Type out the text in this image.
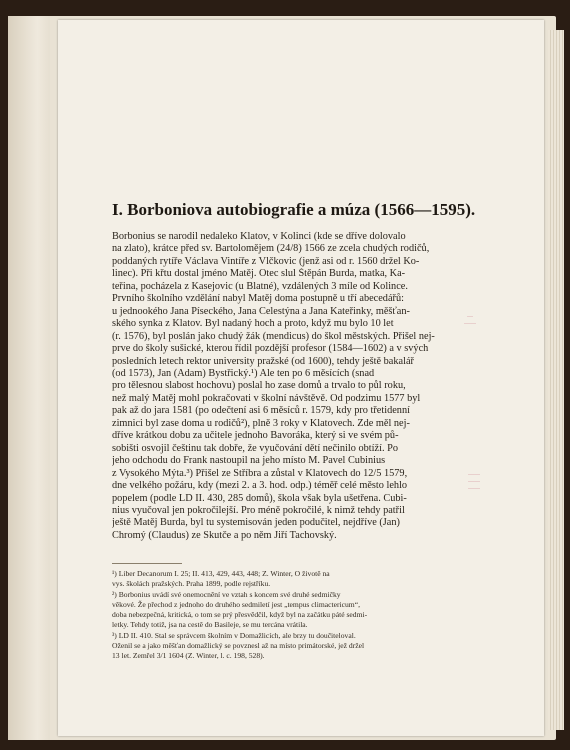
I. Borboniova autobiografie a múza (1566—1595).
Borbonius se narodil nedaleko Klatov, v Kolinci (kde se dříve dolovalo
na zlato), krátce před sv. Bartolomějem (24/8) 1566 ze zcela chudých rodičů,
poddaných rytíře Václava Vintíře z Vlčkovic (jenž asi od r. 1560 držel Ko-
linec). Při křtu dostal jméno Matěj. Otec slul Štěpán Burda, matka, Ka-
teřina, pocházela z Kasejovic (u Blatné), vzdálených 3 míle od Kolince.
Prvního školního vzdělání nabyl Matěj doma postupně u tří abecedářů:
u jednookého Jana Píseckého, Jana Celestýna a Jana Kateřinky, měšťan-
ského synka z Klatov. Byl nadaný hoch a proto, když mu bylo 10 let
(r. 1576), byl poslán jako chudý žák (mendicus) do škol městských. Přišel nej-
prve do školy sušické, kterou řídil pozdější profesor (1584—1602) a v svých
posledních letech rektor university pražské (od 1600), tehdy ještě bakalář
(od 1573), Jan (Adam) Bystřický.¹) Ale ten po 6 měsících (snad
pro tělesnou slabost hochovu) poslal ho zase domů a trvalo to půl roku,
než malý Matěj mohl pokračovati v školní návštěvě. Od podzimu 1577 byl
pak až do jara 1581 (po odečtení asi 6 měsíců r. 1579, kdy pro třetidenní
zimnici byl zase doma u rodičů²), plně 3 roky v Klatovech. Zde měl nej-
dříve krátkou dobu za učitele jednoho Bavoráka, který si ve svém pů-
sobišti osvojil češtinu tak dobře, že vyučování dětí nečinilo obtíží. Po
jeho odchodu do Frank nastoupil na jeho místo M. Pavel Cubinius
z Vysokého Mýta.³) Přišel ze Stříbra a zůstal v Klatovech do 12/5 1579,
dne velkého požáru, kdy (mezi 2. a 3. hod. odp.) téměř celé město lehlo
popelem (podle LD II. 430, 285 domů), škola však byla ušetřena. Cubi-
nius vyučoval jen pokročilejší. Pro méně pokročilé, k nimž tehdy patřil
ještě Matěj Burda, byl tu systemisován jeden podučitel, nejdříve (Jan)
Chromý (Claudus) ze Skutče a po něm Jiří Tachovský.
¹) Liber Decanorum I. 25; II. 413, 429, 443, 448; Z. Winter, O životě na
vys. školách pražských. Praha 1899, podle rejstříku.
²) Borbonius uvádí své onemocnění ve vztah s koncem své druhé sedmičky
věkové. Že přechod z jednoho do druhého sedmiletí jest „tempus climactericum“,
doba nebezpečná, kritická, o tom se prý přesvědčil, když byl na začátku páté sedmi-
letky. Tehdy totiž, jsa na cestě do Basileje, se mu tercána vrátila.
³) LD II. 410. Stal se správcem školním v Domažlicích, ale brzy tu doučiteloval.
Oženil se a jako měšťan domažlický se povznesl až na místo primátorské, jež držel
13 let. Zemřel 3/1 1604 (Z. Winter, l. c. 198, 528).
…
……
……
……
……
